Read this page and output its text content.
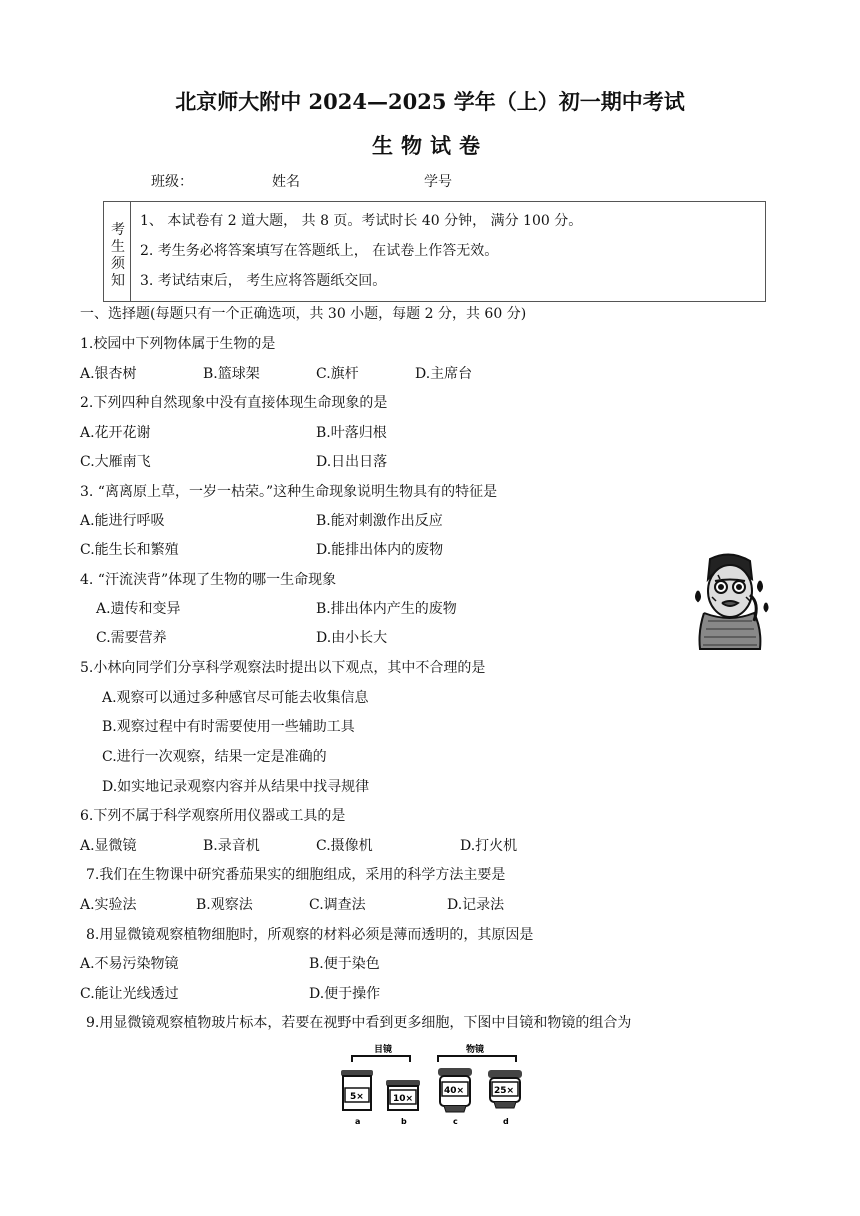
北京师大附中 2024—2025 学年（上）初一期中考试
生物试卷
班级：	姓名	学号
考
生
须
知
1、 本试卷有 2 道大题， 共 8 页。考试时长 40 分钟， 满分 100 分。
2. 考生务必将答案填写在答题纸上， 在试卷上作答无效。
3. 考试结束后， 考生应将答题纸交回。
一、选择题(每题只有一个正确选项，共 30 小题，每题 2 分，共 60 分)
1.校园中下列物体属于生物的是
A.银杏树	B.篮球架	C.旗杆	D.主席台
2.下列四种自然现象中没有直接体现生命现象的是
A.花开花谢	B.叶落归根
C.大雁南飞	D.日出日落
3. “离离原上草，一岁一枯荣。”这种生命现象说明生物具有的特征是
A.能进行呼吸	B.能对刺激作出反应
C.能生长和繁殖	D.能排出体内的废物
4. “汗流浃背”体现了生物的哪一生命现象
A.遗传和变异	B.排出体内产生的废物
C.需要营养	D.由小长大
5.小林向同学们分享科学观察法时提出以下观点，其中不合理的是
A.观察可以通过多种感官尽可能去收集信息
B.观察过程中有时需要使用一些辅助工具
C.进行一次观察，结果一定是准确的
D.如实地记录观察内容并从结果中找寻规律
6.下列不属于科学观察所用仪器或工具的是
A.显微镜	B.录音机	C.摄像机	D.打火机
7.我们在生物课中研究番茄果实的细胞组成，采用的科学方法主要是
A.实验法	B.观察法	C.调查法	D.记录法
8.用显微镜观察植物细胞时，所观察的材料必须是薄而透明的，其原因是
A.不易污染物镜	B.便于染色
C.能让光线透过	D.便于操作
9.用显微镜观察植物玻片标本，若要在视野中看到更多细胞，下图中目镜和物镜的组合为
目镜	物镜
5×
a
10×
b
40×
c
25×
d
